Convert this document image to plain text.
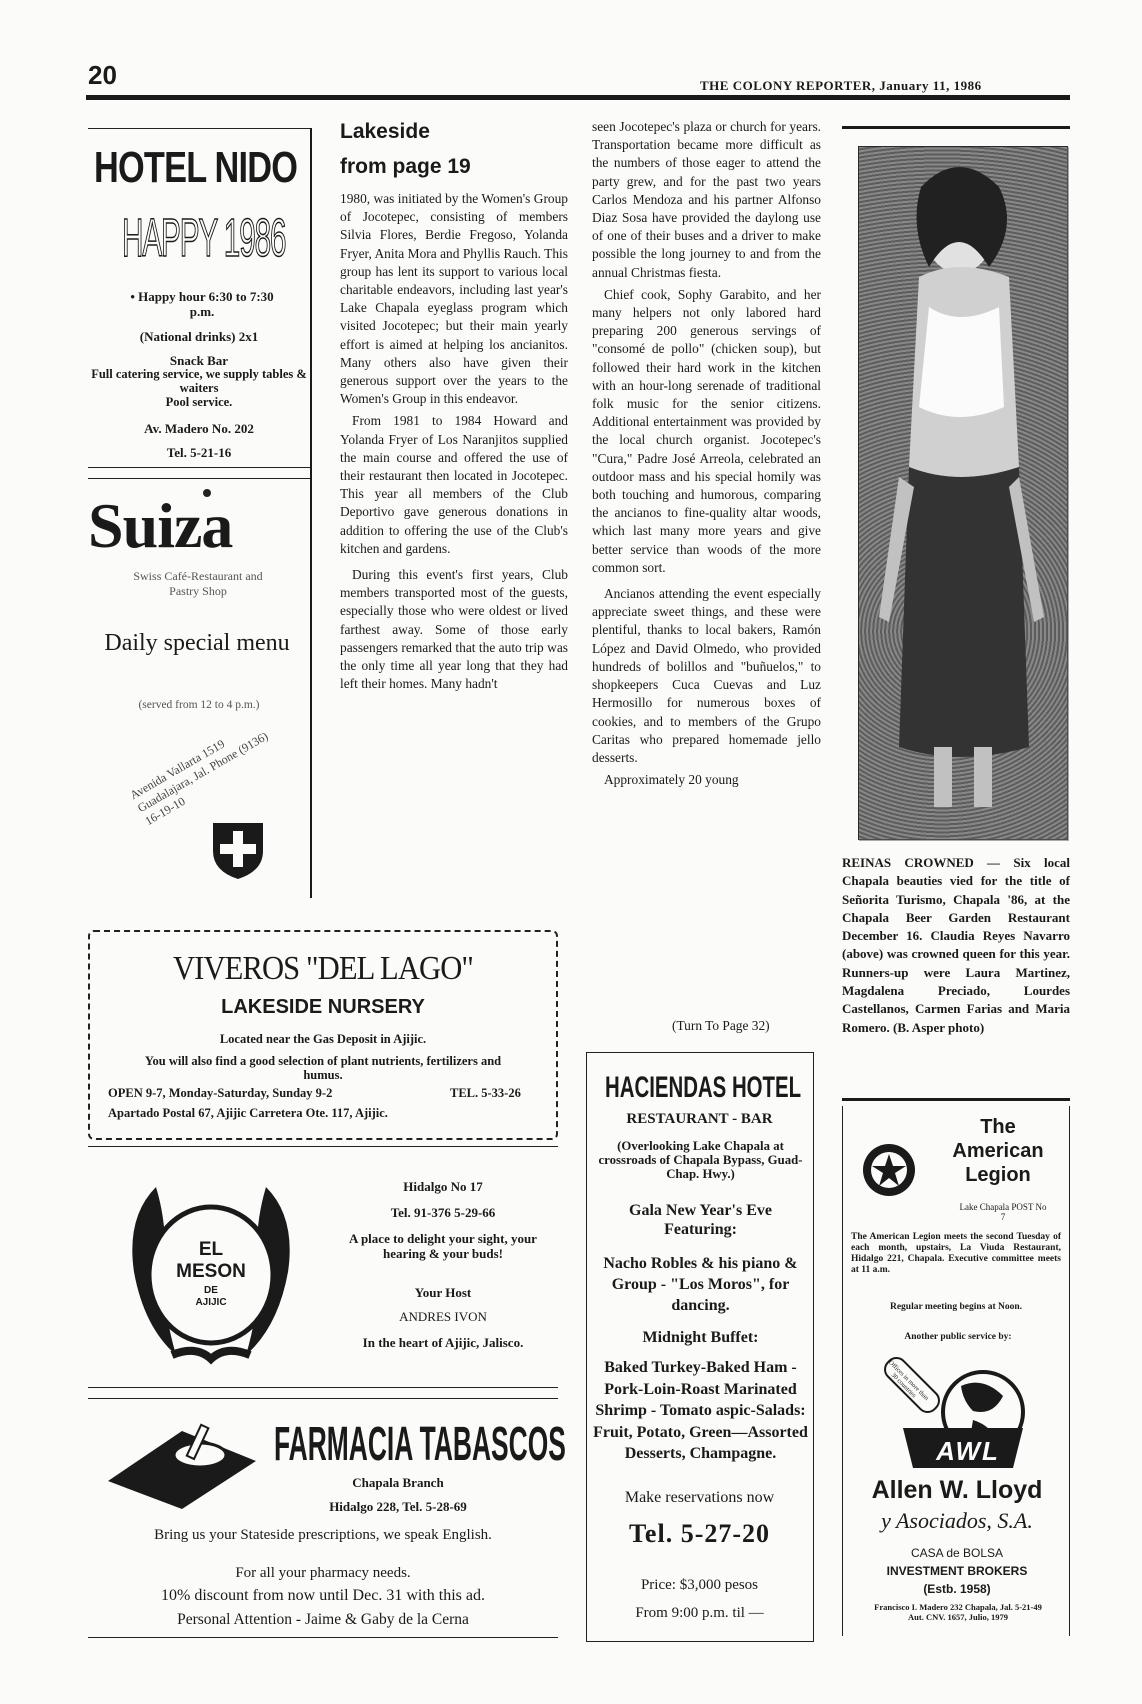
20	THE COLONY REPORTER, January 11, 1986
HOTEL NIDO
HAPPY 1986
• Happy hour 6:30 to 7:30 p.m.
(National drinks) 2x1
Snack Bar
Full catering service, we supply tables & waiters
Pool service.
Av. Madero No. 202
Tel. 5-21-16
Suiza
Swiss Café-Restaurant and Pastry Shop
Daily special menu
(served from 12 to 4 p.m.)
Avenida Vallarta 1519 Guadalajara, Jal. Phone (9136) 16-19-10
Lakeside
from page 19

1980, was initiated by the Women's Group of Jocotepec, consisting of members Silvia Flores, Berdie Fregoso, Yolanda Fryer, Anita Mora and Phyllis Rauch. This group has lent its support to various local charitable endeavors, including last year's Lake Chapala eyeglass program which visited Jocotepec; but their main yearly effort is aimed at helping los ancianitos. Many others also have given their generous support over the years to the Women's Group in this endeavor.

From 1981 to 1984 Howard and Yolanda Fryer of Los Naranjitos supplied the main course and offered the use of their restaurant then located in Jocotepec. This year all members of the Club Deportivo gave generous donations in addition to offering the use of the Club's kitchen and gardens.

During this event's first years, Club members transported most of the guests, especially those who were oldest or lived farthest away. Some of those early passengers remarked that the auto trip was the only time all year long that they had left their homes. Many hadn't

seen Jocotepec's plaza or church for years. Transportation became more difficult as the numbers of those eager to attend the party grew, and for the past two years Carlos Mendoza and his partner Alfonso Diaz Sosa have provided the daylong use of one of their buses and a driver to make possible the long journey to and from the annual Christmas fiesta.

Chief cook, Sophy Garabito, and her many helpers not only labored hard preparing 200 generous servings of "consomé de pollo" (chicken soup), but followed their hard work in the kitchen with an hour-long serenade of traditional folk music for the senior citizens. Additional entertainment was provided by the local church organist. Jocotepec's "Cura," Padre José Arreola, celebrated an outdoor mass and his special homily was both touching and humorous, comparing the ancianos to fine-quality altar woods, which last many more years and give better service than woods of the more common sort.

Ancianos attending the event especially appreciate sweet things, and these were plentiful, thanks to local bakers, Ramón López and David Olmedo, who provided hundreds of bolillos and "buñuelos," to shopkeepers Cuca Cuevas and Luz Hermosillo for numerous boxes of cookies, and to members of the Grupo Caritas who prepared homemade jello desserts.

Approximately 20 young

(Turn To Page 32)
REINAS CROWNED — Six local Chapala beauties vied for the title of Señorita Turismo, Chapala '86, at the Chapala Beer Garden Restaurant December 16. Claudia Reyes Navarro (above) was crowned queen for this year. Runners-up were Laura Martinez, Magdalena Preciado, Lourdes Castellanos, Carmen Farias and Maria Romero. (B. Asper photo)
VIVEROS "DEL LAGO"
LAKESIDE NURSERY
Located near the Gas Deposit in Ajijic.
You will also find a good selection of plant nutrients, fertilizers and humus.
OPEN 9-7, Monday-Saturday, Sunday 9-2	TEL. 5-33-26
Apartado Postal 67, Ajijic Carretera Ote. 117, Ajijic.
EL
MESON
DE
AJIJIC
Hidalgo No 17
Tel. 91-376 5-29-66
A place to delight your sight, your hearing & your buds!
Your Host
ANDRES IVON
In the heart of Ajijic, Jalisco.
FARMACIA TABASCOS
Chapala Branch
Hidalgo 228, Tel. 5-28-69
Bring us your Stateside prescriptions, we speak English.
For all your pharmacy needs.
10% discount from now until Dec. 31 with this ad.
Personal Attention - Jaime & Gaby de la Cerna
HACIENDAS HOTEL
RESTAURANT - BAR
(Overlooking Lake Chapala at crossroads of Chapala Bypass, Guad-Chap. Hwy.)
Gala New Year's Eve Featuring:
Nacho Robles & his piano & Group - "Los Moros", for dancing.
Midnight Buffet:
Baked Turkey-Baked Ham - Pork-Loin-Roast Marinated Shrimp - Tomato aspic-Salads: Fruit, Potato, Green—Assorted Desserts, Champagne.
Make reservations now
Tel. 5-27-20
Price: $3,000 pesos
From 9:00 p.m. til —
The
American
Legion
Lake Chapala POST No 7
The American Legion meets the second Tuesday of each month, upstairs, La Viuda Restaurant, Hidalgo 221, Chapala. Executive committee meets at 11 a.m.
Regular meeting begins at Noon.
Another public service by:
Offices in more than 30 countries
AWL
Allen W. Lloyd
y Asociados, S.A.
CASA de BOLSA
INVESTMENT BROKERS
(Estb. 1958)
Francisco I. Madero 232 Chapala, Jal. 5-21-49 Aut. CNV. 1657, Julio, 1979
